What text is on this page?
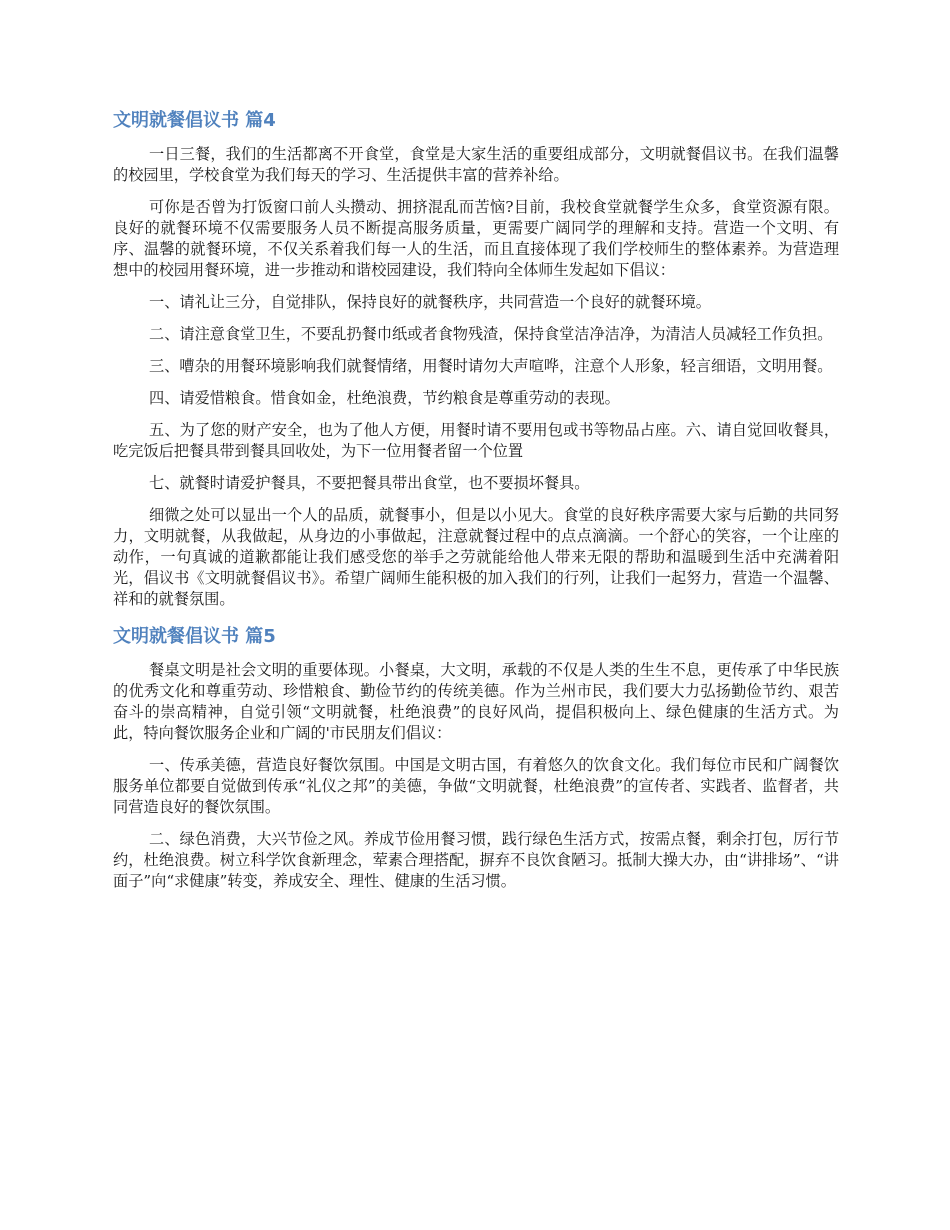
文明就餐倡议书 篇4

一日三餐，我们的生活都离不开食堂，食堂是大家生活的重要组成部分，文明就餐倡议书。在我们温馨的校园里，学校食堂为我们每天的学习、生活提供丰富的营养补给。

可你是否曾为打饭窗口前人头攒动、拥挤混乱而苦恼?目前，我校食堂就餐学生众多，食堂资源有限。良好的就餐环境不仅需要服务人员不断提高服务质量，更需要广阔同学的理解和支持。营造一个文明、有序、温馨的就餐环境，不仅关系着我们每一人的生活，而且直接体现了我们学校师生的整体素养。为营造理想中的校园用餐环境，进一步推动和谐校园建设，我们特向全体师生发起如下倡议：

一、请礼让三分，自觉排队，保持良好的就餐秩序，共同营造一个良好的就餐环境。

二、请注意食堂卫生，不要乱扔餐巾纸或者食物残渣，保持食堂洁净洁净，为清洁人员减轻工作负担。

三、嘈杂的用餐环境影响我们就餐情绪，用餐时请勿大声喧哗，注意个人形象，轻言细语，文明用餐。

四、请爱惜粮食。惜食如金，杜绝浪费，节约粮食是尊重劳动的表现。

五、为了您的财产安全，也为了他人方便，用餐时请不要用包或书等物品占座。六、请自觉回收餐具，吃完饭后把餐具带到餐具回收处，为下一位用餐者留一个位置

七、就餐时请爱护餐具，不要把餐具带出食堂，也不要损坏餐具。

细微之处可以显出一个人的品质，就餐事小，但是以小见大。食堂的良好秩序需要大家与后勤的共同努力，文明就餐，从我做起，从身边的小事做起，注意就餐过程中的点点滴滴。一个舒心的笑容，一个让座的动作，一句真诚的道歉都能让我们感受您的举手之劳就能给他人带来无限的帮助和温暖到生活中充满着阳光，倡议书《文明就餐倡议书》。希望广阔师生能积极的加入我们的行列，让我们一起努力，营造一个温馨、祥和的就餐氛围。

文明就餐倡议书 篇5

餐桌文明是社会文明的重要体现。小餐桌，大文明，承载的不仅是人类的生生不息，更传承了中华民族的优秀文化和尊重劳动、珍惜粮食、勤俭节约的传统美德。作为兰州市民，我们要大力弘扬勤俭节约、艰苦奋斗的崇高精神，自觉引领“文明就餐，杜绝浪费”的良好风尚，提倡积极向上、绿色健康的生活方式。为此，特向餐饮服务企业和广阔的'市民朋友们倡议：

一、传承美德，营造良好餐饮氛围。中国是文明古国，有着悠久的饮食文化。我们每位市民和广阔餐饮服务单位都要自觉做到传承“礼仪之邦”的美德，争做“文明就餐，杜绝浪费”的宣传者、实践者、监督者，共同营造良好的餐饮氛围。

二、绿色消费，大兴节俭之风。养成节俭用餐习惯，践行绿色生活方式，按需点餐，剩余打包，厉行节约，杜绝浪费。树立科学饮食新理念，荤素合理搭配，摒弃不良饮食陋习。抵制大操大办，由“讲排场”、“讲面子”向“求健康”转变，养成安全、理性、健康的生活习惯。
